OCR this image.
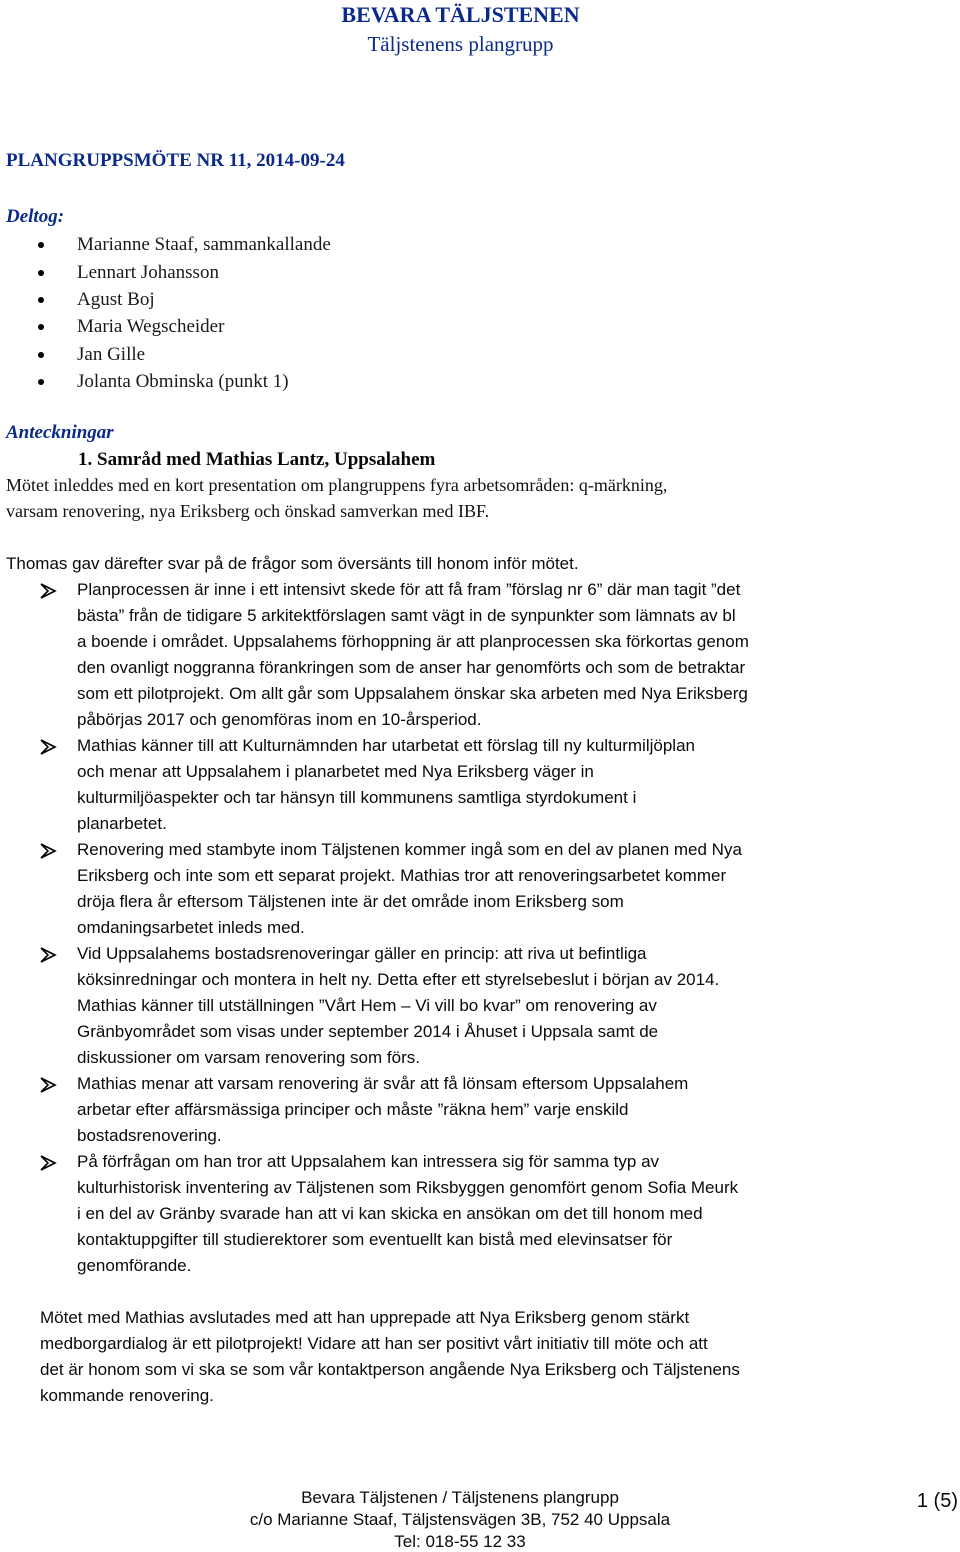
BEVARA TÄLJSTENEN
Täljstenens plangrupp
PLANGRUPPSMÖTE NR 11, 2014-09-24
Deltog:
Marianne Staaf, sammankallande
Lennart Johansson
Agust Boj
Maria Wegscheider
Jan Gille
Jolanta Obminska (punkt 1)
Anteckningar
1. Samråd med Mathias Lantz, Uppsalahem
Mötet inleddes med en kort presentation om plangruppens fyra arbetsområden: q-märkning,
varsam renovering, nya Eriksberg och önskad samverkan med IBF.
Thomas gav därefter svar på de frågor som översänts till honom inför mötet.
Planprocessen är inne i ett intensivt skede för att få fram ”förslag nr 6” där man tagit ”det
bästa” från de tidigare 5 arkitektförslagen samt vägt in de synpunkter som lämnats av bl
a boende i området. Uppsalahems förhoppning är att planprocessen ska förkortas genom
den ovanligt noggranna förankringen som de anser har genomförts och som de betraktar
som ett pilotprojekt. Om allt går som Uppsalahem önskar ska arbeten med Nya Eriksberg
påbörjas 2017 och genomföras inom en 10-årsperiod.
Mathias känner till att Kulturnämnden har utarbetat ett förslag till ny kulturmiljöplan
och menar att Uppsalahem i planarbetet med Nya Eriksberg väger in
kulturmiljöaspekter och tar hänsyn till kommunens samtliga styrdokument i
planarbetet.
Renovering med stambyte inom Täljstenen kommer ingå som en del av planen med Nya
Eriksberg och inte som ett separat projekt. Mathias tror att renoveringsarbetet kommer
dröja flera år eftersom Täljstenen inte är det område inom Eriksberg som
omdaningsarbetet inleds med.
Vid Uppsalahems bostadsrenoveringar gäller en princip: att riva ut befintliga
köksinredningar och montera in helt ny. Detta efter ett styrelsebeslut i början av 2014.
Mathias känner till utställningen ”Vårt Hem – Vi vill bo kvar” om renovering av
Gränbyområdet som visas under september 2014 i Åhuset i Uppsala samt de
diskussioner om varsam renovering som förs.
Mathias menar att varsam renovering är svår att få lönsam eftersom Uppsalahem
arbetar efter affärsmässiga principer och måste ”räkna hem” varje enskild
bostadsrenovering.
På förfrågan om han tror att Uppsalahem kan intressera sig för samma typ av
kulturhistorisk inventering av Täljstenen som Riksbyggen genomfört genom Sofia Meurk
i en del av Gränby svarade han att vi kan skicka en ansökan om det till honom med
kontaktuppgifter till studierektorer som eventuellt kan bistå med elevinsatser för
genomförande.
Mötet med Mathias avslutades med att han upprepade att Nya Eriksberg genom stärkt
medborgardialog är ett pilotprojekt! Vidare att han ser positivt vårt initiativ till möte och att
det är honom som vi ska se som vår kontaktperson angående Nya Eriksberg och Täljstenens
kommande renovering.
Bevara Täljstenen / Täljstenens plangrupp
c/o Marianne Staaf, Täljstensvägen 3B, 752 40 Uppsala
Tel: 018-55 12 33
1 (5)
